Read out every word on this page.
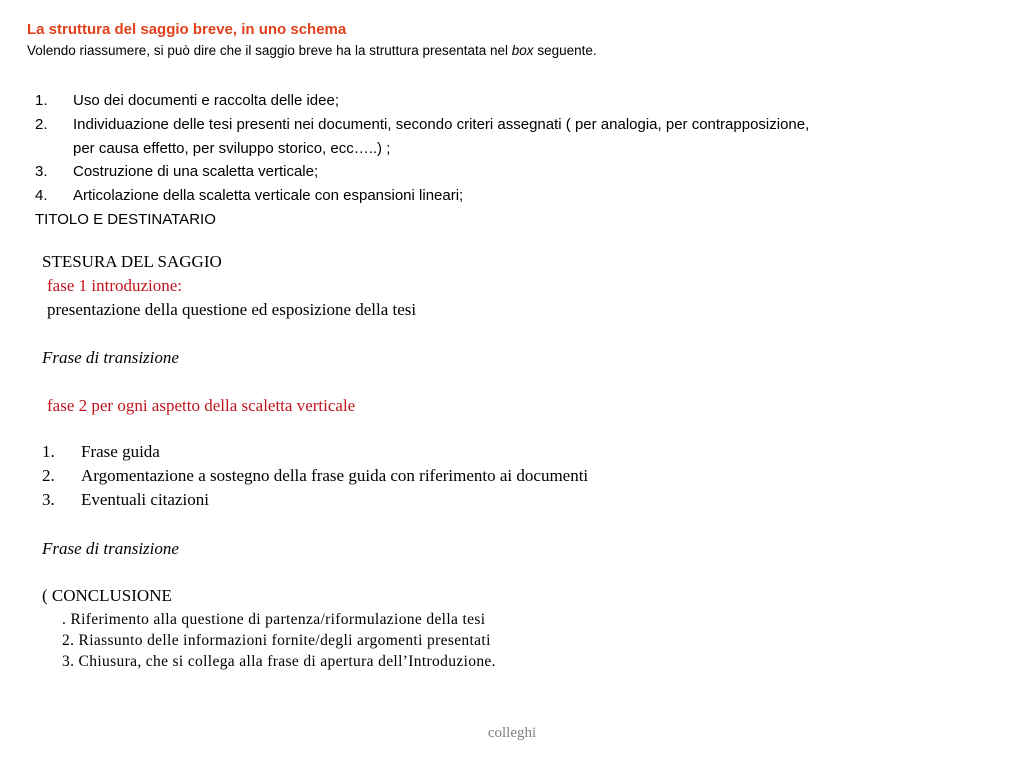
La struttura del saggio breve, in uno schema
Volendo riassumere, si può dire che il saggio breve ha la struttura presentata nel box seguente.
1. Uso dei documenti e raccolta delle idee;
2. Individuazione delle tesi presenti nei documenti, secondo criteri assegnati ( per analogia, per contrapposizione,
per causa effetto, per sviluppo storico, ecc…..) ;
3. Costruzione di una scaletta verticale;
4. Articolazione della scaletta verticale con espansioni lineari;
TITOLO E DESTINATARIO
STESURA DEL SAGGIO
fase 1 introduzione:
presentazione della questione ed esposizione della tesi
Frase di transizione
fase 2 per ogni aspetto della scaletta verticale
1. Frase guida
2. Argomentazione a sostegno della frase guida con riferimento ai documenti
3. Eventuali citazioni
Frase di transizione
( CONCLUSIONE
. Riferimento alla questione di partenza/riformulazione della tesi
2. Riassunto delle informazioni fornite/degli argomenti presentati
3. Chiusura, che si collega alla frase di apertura dell’Introduzione.
colleghi
